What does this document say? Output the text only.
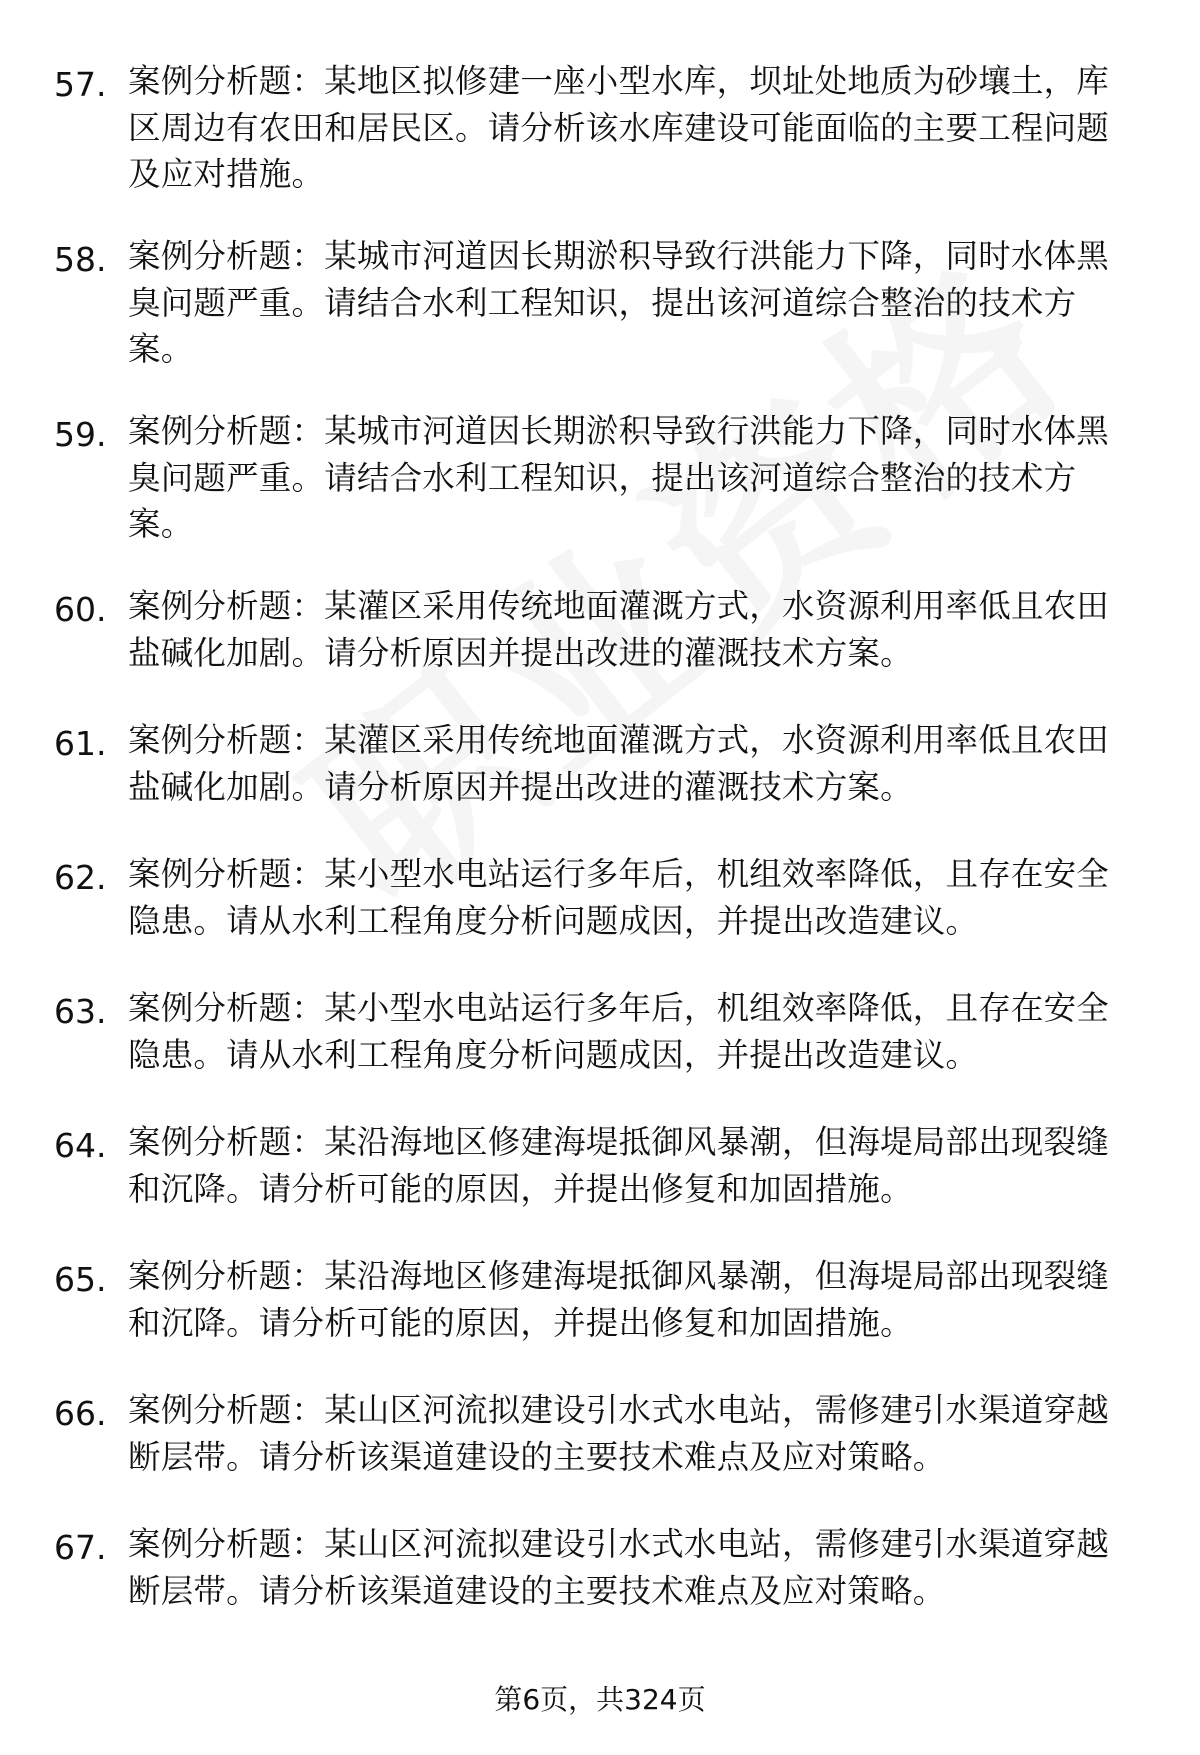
57. 案例分析题：某地区拟修建一座小型水库，坝址处地质为砂壤土，库区周边有农田和居民区。请分析该水库建设可能面临的主要工程问题及应对措施。
58. 案例分析题：某城市河道因长期淤积导致行洪能力下降，同时水体黑臭问题严重。请结合水利工程知识，提出该河道综合整治的技术方案。
59. 案例分析题：某城市河道因长期淤积导致行洪能力下降，同时水体黑臭问题严重。请结合水利工程知识，提出该河道综合整治的技术方案。
60. 案例分析题：某灌区采用传统地面灌溉方式，水资源利用率低且农田盐碱化加剧。请分析原因并提出改进的灌溉技术方案。
61. 案例分析题：某灌区采用传统地面灌溉方式，水资源利用率低且农田盐碱化加剧。请分析原因并提出改进的灌溉技术方案。
62. 案例分析题：某小型水电站运行多年后，机组效率降低，且存在安全隐患。请从水利工程角度分析问题成因，并提出改造建议。
63. 案例分析题：某小型水电站运行多年后，机组效率降低，且存在安全隐患。请从水利工程角度分析问题成因，并提出改造建议。
64. 案例分析题：某沿海地区修建海堤抵御风暴潮，但海堤局部出现裂缝和沉降。请分析可能的原因，并提出修复和加固措施。
65. 案例分析题：某沿海地区修建海堤抵御风暴潮，但海堤局部出现裂缝和沉降。请分析可能的原因，并提出修复和加固措施。
66. 案例分析题：某山区河流拟建设引水式水电站，需修建引水渠道穿越断层带。请分析该渠道建设的主要技术难点及应对策略。
67. 案例分析题：某山区河流拟建设引水式水电站，需修建引水渠道穿越断层带。请分析该渠道建设的主要技术难点及应对策略。
第6页，共324页
